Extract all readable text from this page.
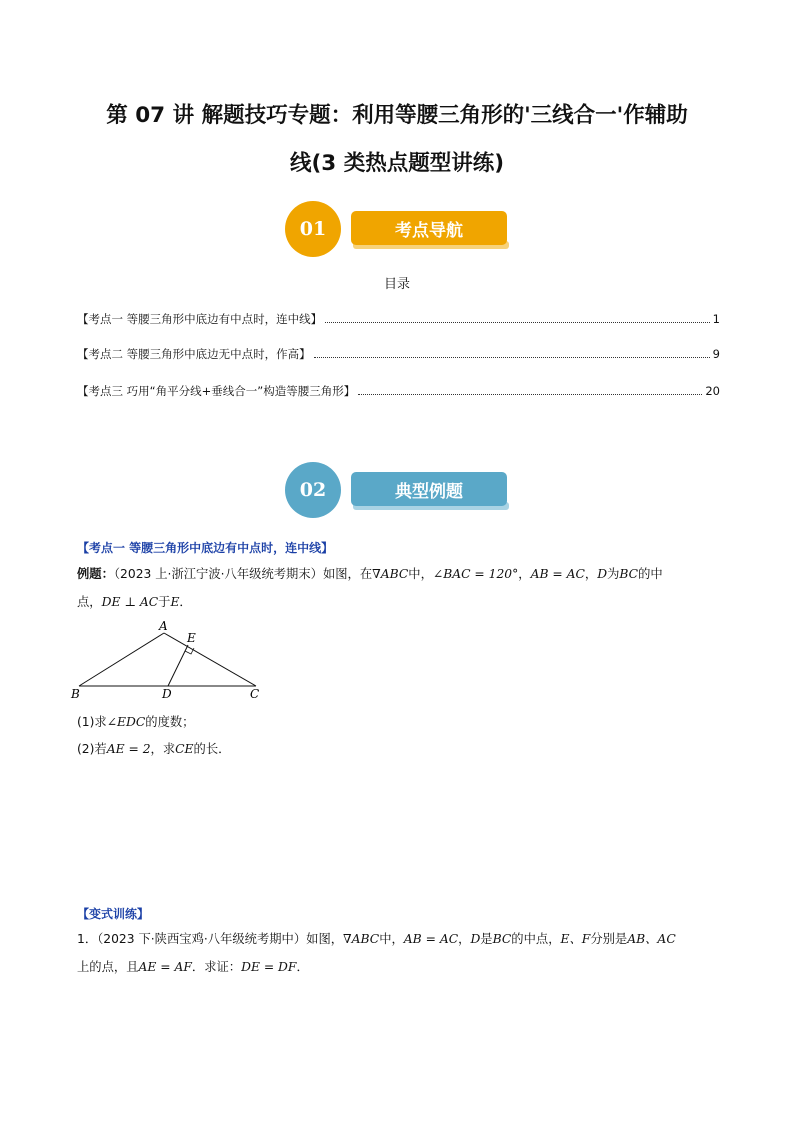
第 07 讲 解题技巧专题：利用等腰三角形的'三线合一'作辅助
线(3 类热点题型讲练)
01	考点导航
目录
【考点一 等腰三角形中底边有中点时，连中线】	1
【考点二 等腰三角形中底边无中点时，作高】	9
【考点三 巧用“角平分线+垂线合一”构造等腰三角形】	20
02	典型例题
【考点一 等腰三角形中底边有中点时，连中线】
例题：（2023 上·浙江宁波·八年级统考期末）如图，在∇ABC中，∠BAC = 120°，AB = AC，D为BC的中
点，DE ⊥ AC于E．
A
E
B	D	C
(1)求∠EDC的度数；
(2)若AE = 2，求CE的长．
【变式训练】
1．（2023 下·陕西宝鸡·八年级统考期中）如图，∇ABC中，AB = AC，D是BC的中点，E、F分别是AB、AC
上的点，且AE = AF．求证：DE = DF．
